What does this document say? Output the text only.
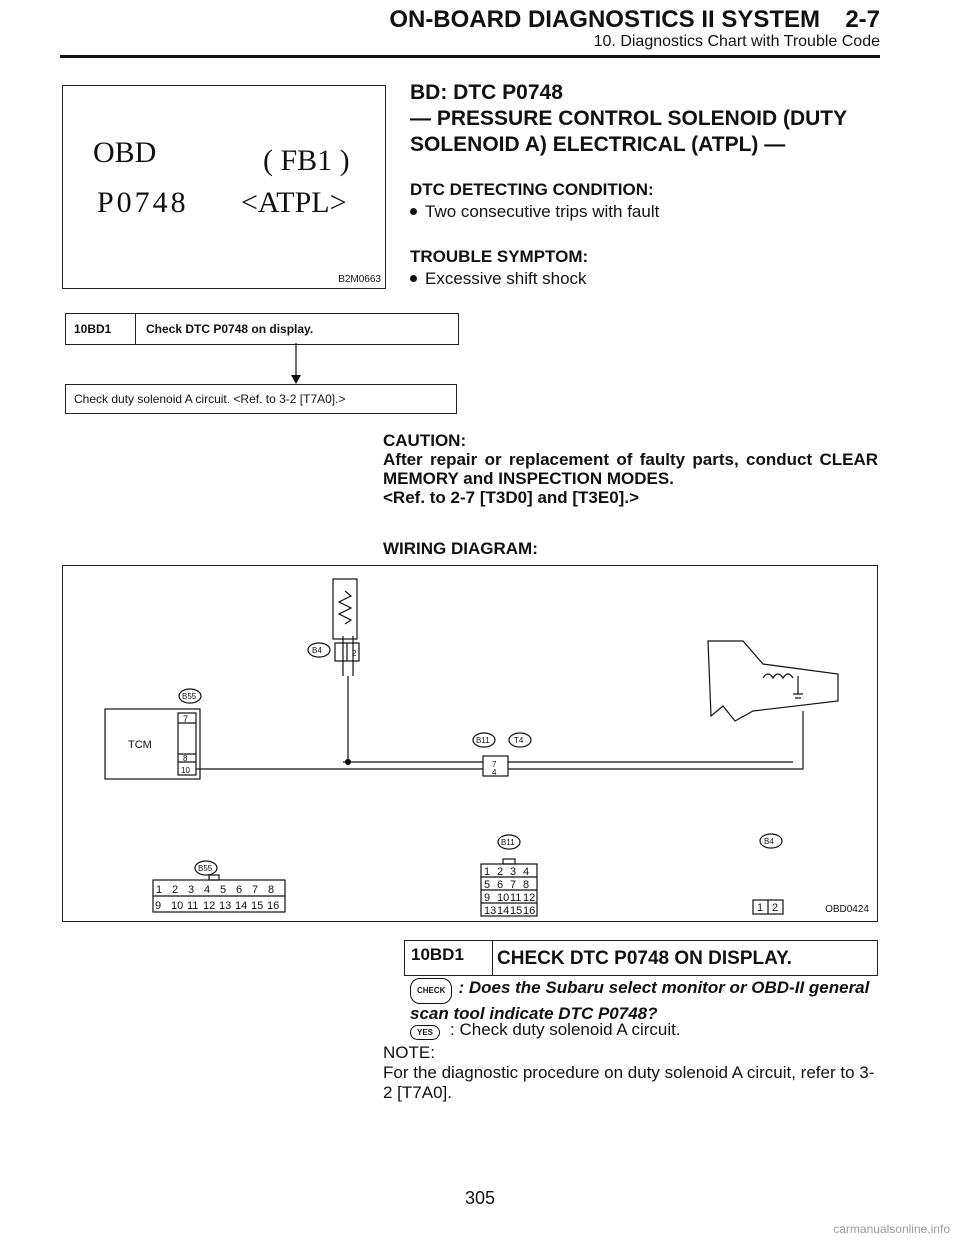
ON-BOARD DIAGNOSTICS II SYSTEM 2-7
10. Diagnostics Chart with Trouble Code
OBD	( FB1 )
P0748 <ATPL>
B2M0663
BD: DTC P0748
— PRESSURE CONTROL SOLENOID (DUTY SOLENOID A) ELECTRICAL (ATPL) —
DTC DETECTING CONDITION:
Two consecutive trips with fault
TROUBLE SYMPTOM:
Excessive shift shock
10BD1	Check DTC P0748 on display.
Check duty solenoid A circuit. <Ref. to 3-2 [T7A0].>
CAUTION:
After repair or replacement of faulty parts, conduct CLEAR MEMORY and INSPECTION MODES.
<Ref. to 2-7 [T3D0] and [T3E0].>
WIRING DIAGRAM:
TCM
7
8
10
B55
B4	2
B11	T4
7
4
B55
B11	B4
1 2 3 4 5 6 7 8
9 10 11 12 13 14 15 16
1 2 3 4
5 6 7 8
9 10 11 12
13 14 15 16	1 2	OBD0424
10BD1	CHECK DTC P0748 ON DISPLAY.
CHECK : Does the Subaru select monitor or OBD-II general scan tool indicate DTC P0748?
YES : Check duty solenoid A circuit.
NOTE:
For the diagnostic procedure on duty solenoid A circuit, refer to 3-2 [T7A0].
305
carmanualsonline.info
